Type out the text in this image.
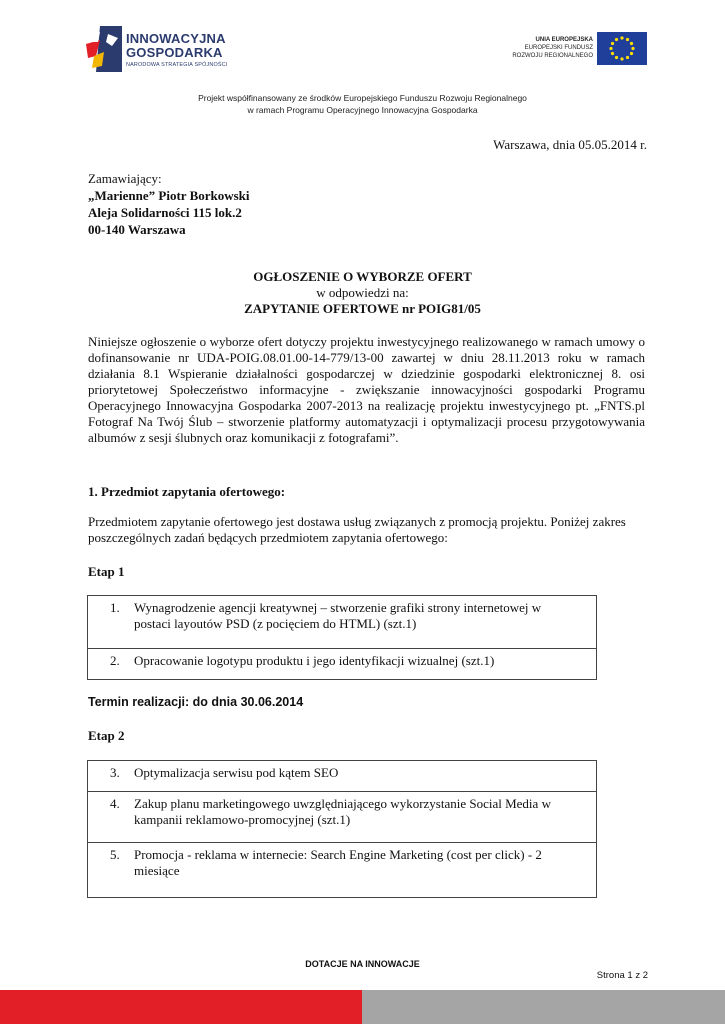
INNOWACYJNA
GOSPODARKA
NARODOWA STRATEGIA SPÓJNOŚCI
UNIA EUROPEJSKA
EUROPEJSKI FUNDUSZ
ROZWOJU REGIONALNEGO
Projekt współfinansowany ze środków Europejskiego Funduszu Rozwoju Regionalnego
w ramach Programu Operacyjnego Innowacyjna Gospodarka
Warszawa, dnia 05.05.2014 r.
Zamawiający:
„Marienne” Piotr Borkowski
Aleja Solidarności 115 lok.2
00-140 Warszawa
OGŁOSZENIE O WYBORZE OFERT
w odpowiedzi na:
ZAPYTANIE OFERTOWE nr POIG81/05
Niniejsze ogłoszenie o wyborze ofert dotyczy projektu inwestycyjnego realizowanego w ramach umowy o dofinansowanie nr UDA-POIG.08.01.00-14-779/13-00 zawartej w dniu 28.11.2013 roku w ramach działania 8.1 Wspieranie działalności gospodarczej w dziedzinie gospodarki elektronicznej 8. osi priorytetowej Społeczeństwo informacyjne - zwiększanie innowacyjności gospodarki Programu Operacyjnego Innowacyjna Gospodarka 2007-2013 na realizację projektu inwestycyjnego pt. „FNTS.pl Fotograf Na Twój Ślub – stworzenie platformy automatyzacji i optymalizacji procesu przygotowywania albumów z sesji ślubnych oraz komunikacji z fotografami”.
1. Przedmiot zapytania ofertowego:
Przedmiotem zapytanie ofertowego jest dostawa usług związanych z promocją projektu. Poniżej zakres poszczególnych zadań będących przedmiotem zapytania ofertowego:
Etap 1
1. Wynagrodzenie agencji kreatywnej – stworzenie grafiki strony internetowej w
postaci layoutów PSD (z pocięciem do HTML) (szt.1)

2. Opracowanie logotypu produktu i jego identyfikacji wizualnej (szt.1)
Termin realizacji: do dnia 30.06.2014
Etap 2
3. Optymalizacja serwisu pod kątem SEO
4. Zakup planu marketingowego uwzględniającego wykorzystanie Social Media w
kampanii reklamowo-promocyjnej (szt.1)

5. Promocja - reklama w internecie: Search Engine Marketing (cost per click) - 2
miesiące
DOTACJE NA INNOWACJE
Strona 1 z 2
